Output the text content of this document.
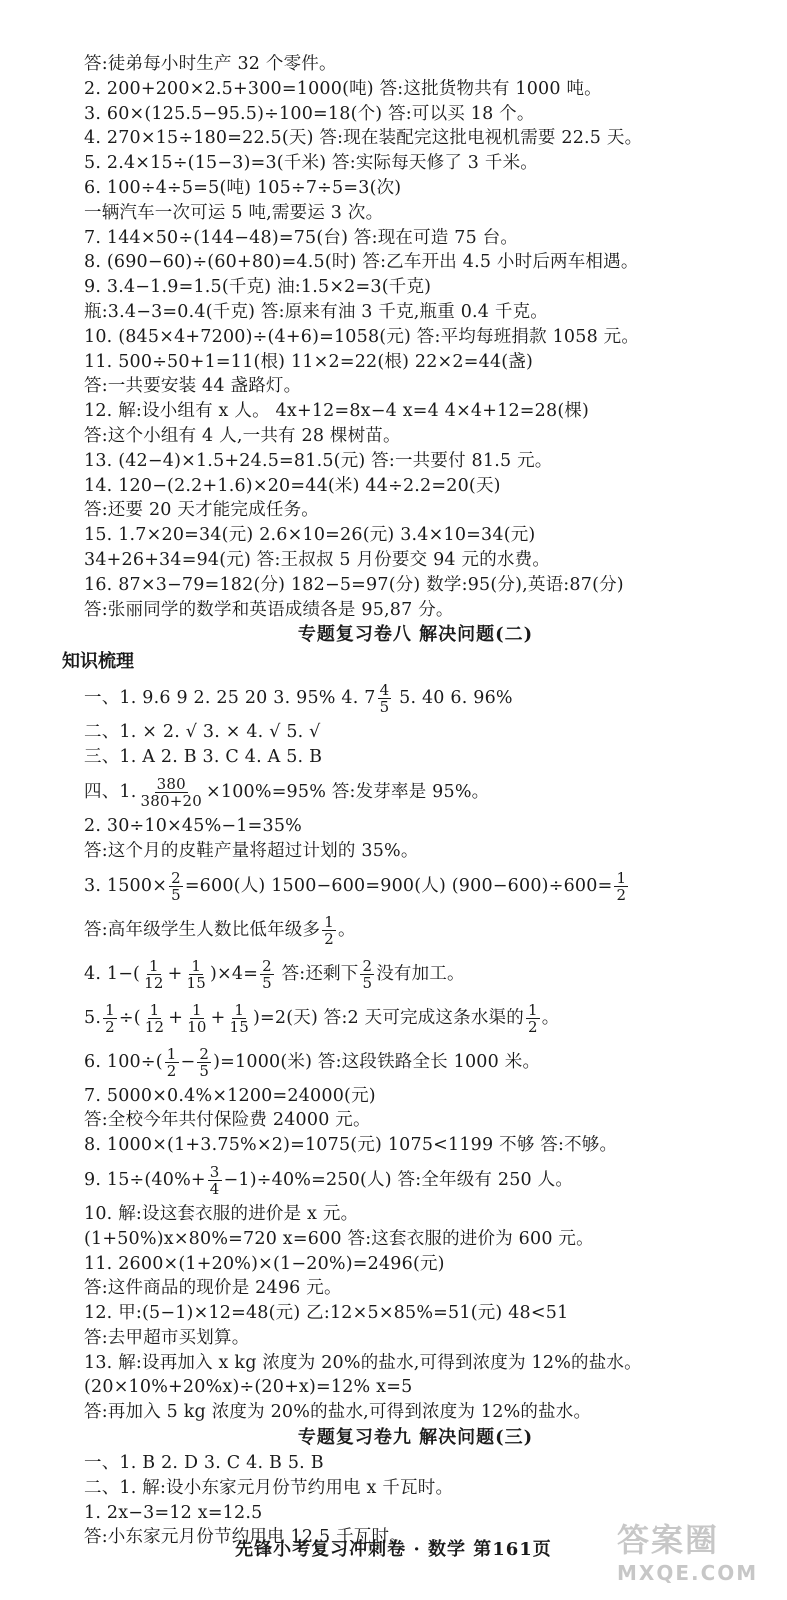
答:徒弟每小时生产 32 个零件。
2. 200+200×2.5+300=1000(吨) 答:这批货物共有 1000 吨。
3. 60×(125.5−95.5)÷100=18(个) 答:可以买 18 个。
4. 270×15÷180=22.5(天) 答:现在装配完这批电视机需要 22.5 天。
5. 2.4×15÷(15−3)=3(千米) 答:实际每天修了 3 千米。
6. 100÷4÷5=5(吨) 105÷7÷5=3(次)
一辆汽车一次可运 5 吨,需要运 3 次。
7. 144×50÷(144−48)=75(台) 答:现在可造 75 台。
8. (690−60)÷(60+80)=4.5(时) 答:乙车开出 4.5 小时后两车相遇。
9. 3.4−1.9=1.5(千克) 油:1.5×2=3(千克)
瓶:3.4−3=0.4(千克) 答:原来有油 3 千克,瓶重 0.4 千克。
10. (845×4+7200)÷(4+6)=1058(元) 答:平均每班捐款 1058 元。
11. 500÷50+1=11(根) 11×2=22(根) 22×2=44(盏)
答:一共要安装 44 盏路灯。
12. 解:设小组有 x 人。 4x+12=8x−4 x=4 4×4+12=28(棵)
答:这个小组有 4 人,一共有 28 棵树苗。
13. (42−4)×1.5+24.5=81.5(元) 答:一共要付 81.5 元。
14. 120−(2.2+1.6)×20=44(米) 44÷2.2=20(天)
答:还要 20 天才能完成任务。
15. 1.7×20=34(元) 2.6×10=26(元) 3.4×10=34(元)
34+26+34=94(元) 答:王叔叔 5 月份要交 94 元的水费。
16. 87×3−79=182(分) 182−5=97(分) 数学:95(分),英语:87(分)
答:张丽同学的数学和英语成绩各是 95,87 分。
专题复习卷八 解决问题(二)
知识梳理
一、1. 9.6 9 2. 25 20 3. 95% 4. $7 \frac{4}{5} 5$. 40 6. 96%
二、1. × 2. √ 3. × 4. √ 5. √
三、1. A 2. B 3. C 4. A 5. B
四、1. $\frac{380}{380+20} \times 100\%=95\%$ 答:发芽率是 95%。
2. 30÷10×45%−1=35%
答:这个月的皮鞋产量将超过计划的 35%。
3. $1500\times \frac{2}{5} =600$(人) 1500−600=900(人) $(900-600)\div 600= \frac{1}{2}$
答:高年级学生人数比低年级多 $\frac{1}{2}$ 。
4. $1-( \frac{1}{12} + \frac{1}{15} )\times 4= \frac{2}{5}$ 答:还剩下 $\frac{2}{5}$ 没有加工。
5. $\frac{1}{2}$ ÷( $\frac{1}{12} + \frac{1}{10} + \frac{1}{15} )=2$(天) 答:2 天可完成这条水渠的 $\frac{1}{2}$ 。
6. $100\div( \frac{1}{2} - \frac{2}{5} )=1000$(米) 答:这段铁路全长 1000 米。
7. 5000×0.4%×1200=24000(元)
答:全校今年共付保险费 24000 元。
8. 1000×(1+3.75%×2)=1075(元) 1075<1199 不够 答:不够。
9. $15\div(40\%+ \frac{3}{4} -1)\div 40\%=250$(人) 答:全年级有 250 人。
10. 解:设这套衣服的进价是 x 元。
(1+50%)x×80%=720 x=600 答:这套衣服的进价为 600 元。
11. 2600×(1+20%)×(1−20%)=2496(元)
答:这件商品的现价是 2496 元。
12. 甲:(5−1)×12=48(元) 乙:12×5×85%=51(元) 48<51
答:去甲超市买划算。
13. 解:设再加入 x kg 浓度为 20%的盐水,可得到浓度为 12%的盐水。
(20×10%+20%x)÷(20+x)=12% x=5
答:再加入 5 kg 浓度为 20%的盐水,可得到浓度为 12%的盐水。
专题复习卷九 解决问题(三)
一、1. B 2. D 3. C 4. B 5. B
二、1. 解:设小东家元月份节约用电 x 千瓦时。
1. 2x−3=12 x=12.5
答:小东家元月份节约用电 12.5 千瓦时。
先锋小考复习冲刺卷 · 数学 第161页	答案圈
MXQE.COM
